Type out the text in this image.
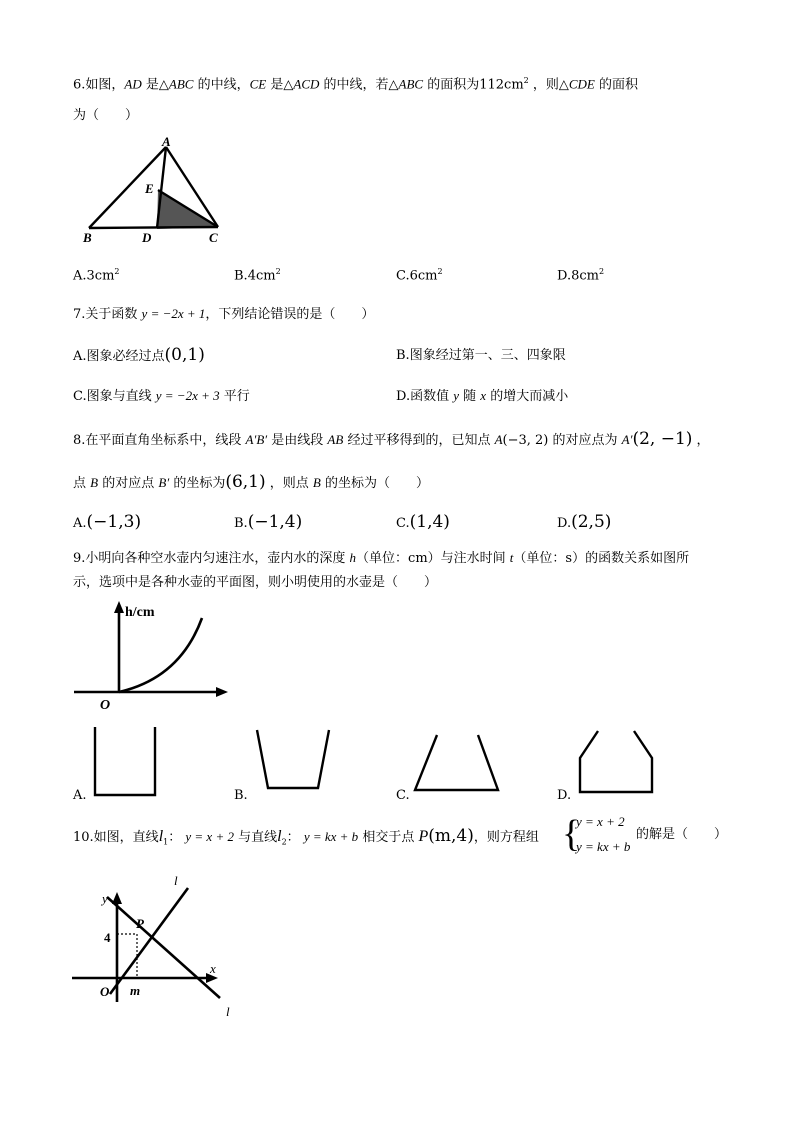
6.如图，AD 是△ABC 的中线，CE 是△ACD 的中线，若△ABC 的面积为$112cm^2$ ，则△CDE 的面积
为（　　）
A
B	C
D
E
$A.3cm^2$	$B.4cm^2$	$C.6cm^2$	$D.8cm^2$
7.关于函数 y = −2x + 1，下列结论错误的是（　　）
A.图象必经过点(0,1)	B.图象经过第一、三、四象限
C.图象与直线 y = −2x + 3 平行	D.函数值 y 随 x 的增大而减小
8.在平面直角坐标系中，线段 A′B′ 是由线段 AB 经过平移得到的，已知点 A(−3, 2) 的对应点为 A′(2, −1) ，
点 B 的对应点 B′ 的坐标为(6,1) ，则点 B 的坐标为（　　）
A.(−1,3)	B.(−1,4)	C.(1,4)	D.(2,5)
9.小明向各种空水壶内匀速注水，壶内水的深度 h（单位：cm）与注水时间 t（单位：s）的函数关系如图所
示，选项中是各种水壶的平面图，则小明使用的水壶是（　　）
h/cm
O
A.	B.	C.	D.
10.如图，直线$l_1$： y = x + 2 与直线$l_2$： y = kx + b 相交于点 P(m,4)，则方程组 {
y = x + 2
y = kx + b
的解是（　　）
y
l
P
4
O m
x
l
